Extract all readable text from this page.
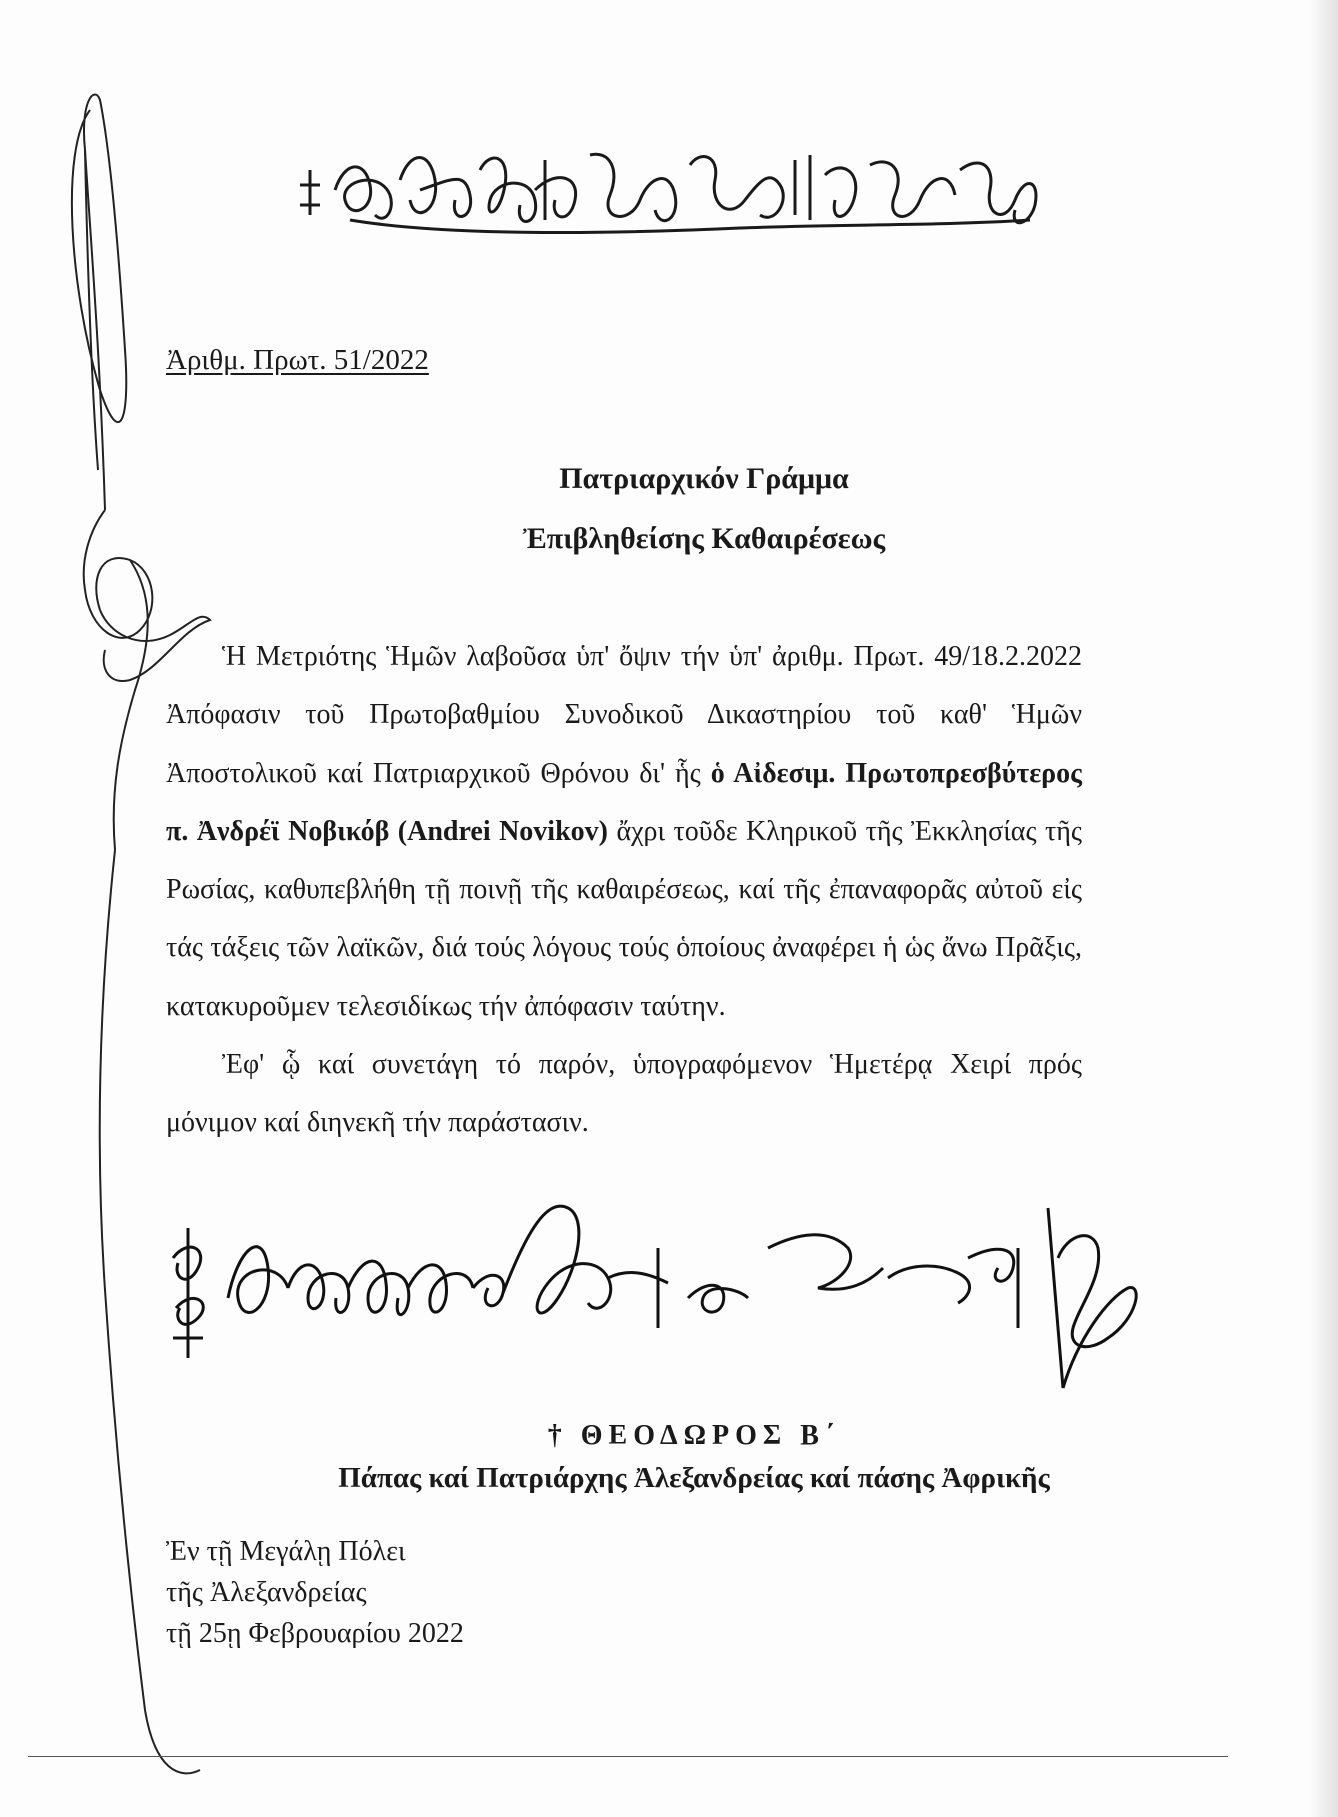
Ἀριθμ. Πρωτ. 51/2022

Πατριαρχικόν Γράμμα
Ἐπιβληθείσης Καθαιρέσεως

Ἡ Μετριότης Ἡμῶν λαβοῦσα ὑπ' ὄψιν τήν ὑπ' ἀριθμ. Πρωτ. 49/18.2.2022 Ἀπόφασιν τοῦ Πρωτοβαθμίου Συνοδικοῦ Δικαστηρίου τοῦ καθ' Ἡμῶν Ἀποστολικοῦ καί Πατριαρχικοῦ Θρόνου δι' ἧς ὁ Αἰδεσιμ. Πρωτοπρεσβύτερος π. Ἀνδρέϊ Νοβικόβ (Andrei Novikov) ἄχρι τοῦδε Κληρικοῦ τῆς Ἐκκλησίας τῆς Ρωσίας, καθυπεβλήθη τῇ ποινῇ τῆς καθαιρέσεως, καί τῆς ἐπαναφορᾶς αὐτοῦ εἰς τάς τάξεις τῶν λαϊκῶν, διά τούς λόγους τούς ὁποίους ἀναφέρει ἡ ὡς ἄνω Πρᾶξις, κατακυροῦμεν τελεσιδίκως τήν ἀπόφασιν ταύτην.

Ἐφ' ᾧ καί συνετάγη τό παρόν, ὑπογραφόμενον Ἡμετέρᾳ Χειρί πρός μόνιμον καί διηνεκῆ τήν παράστασιν.

† ΘΕΟΔΩΡΟΣ Β΄

Πάπας καί Πατριάρχης Ἀλεξανδρείας καί πάσης Ἀφρικῆς

Ἐν τῇ Μεγάλῃ Πόλει
τῆς Ἀλεξανδρείας
τῇ 25ῃ Φεβρουαρίου 2022
